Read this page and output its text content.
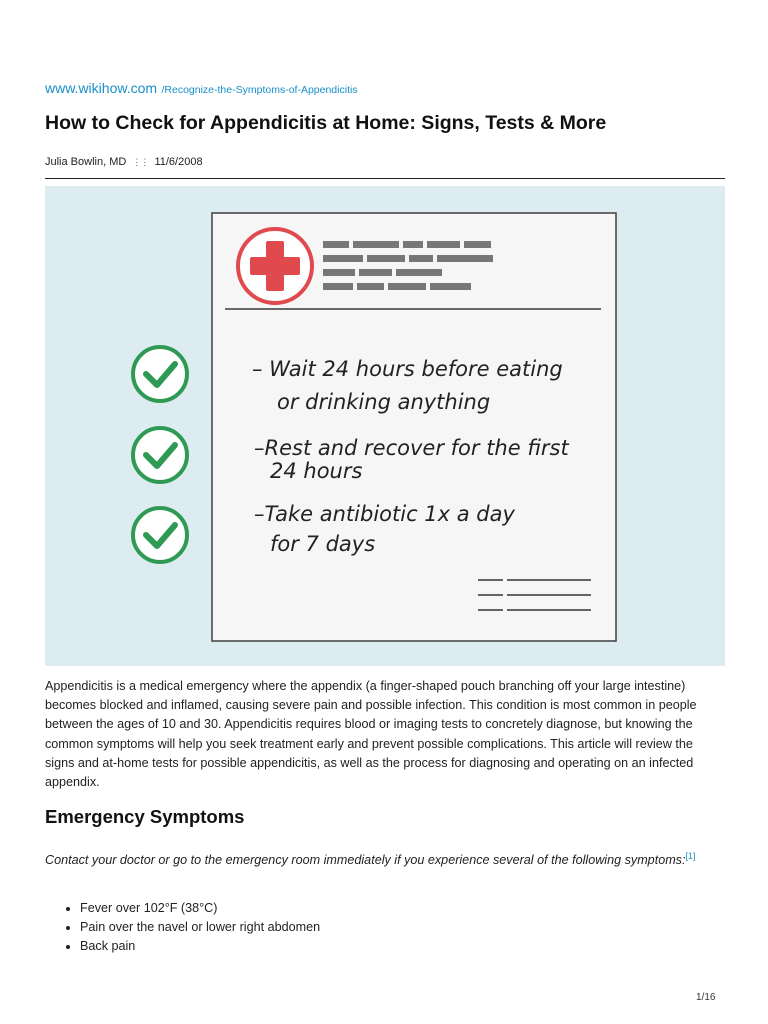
www.wikihow.com /Recognize-the-Symptoms-of-Appendicitis
How to Check for Appendicitis at Home: Signs, Tests & More
Julia Bowlin, MD ⋮⋮ 11/6/2008
– Wait 24 hours before eating
or drinking anything
–Rest and recover for the first
24 hours
–Take antibiotic 1x a day
for 7 days

Appendicitis is a medical emergency where the appendix (a finger-shaped pouch branching off your large intestine) becomes blocked and inflamed, causing severe pain and possible infection. This condition is most common in people between the ages of 10 and 30. Appendicitis requires blood or imaging tests to concretely diagnose, but knowing the common symptoms will help you seek treatment early and prevent possible complications. This article will review the signs and at-home tests for possible appendicitis, as well as the process for diagnosing and operating on an infected appendix.

Emergency Symptoms

Contact your doctor or go to the emergency room immediately if you experience several of the following symptoms:[1]

• Fever over 102°F (38°C)
• Pain over the navel or lower right abdomen
• Back pain
1/16
